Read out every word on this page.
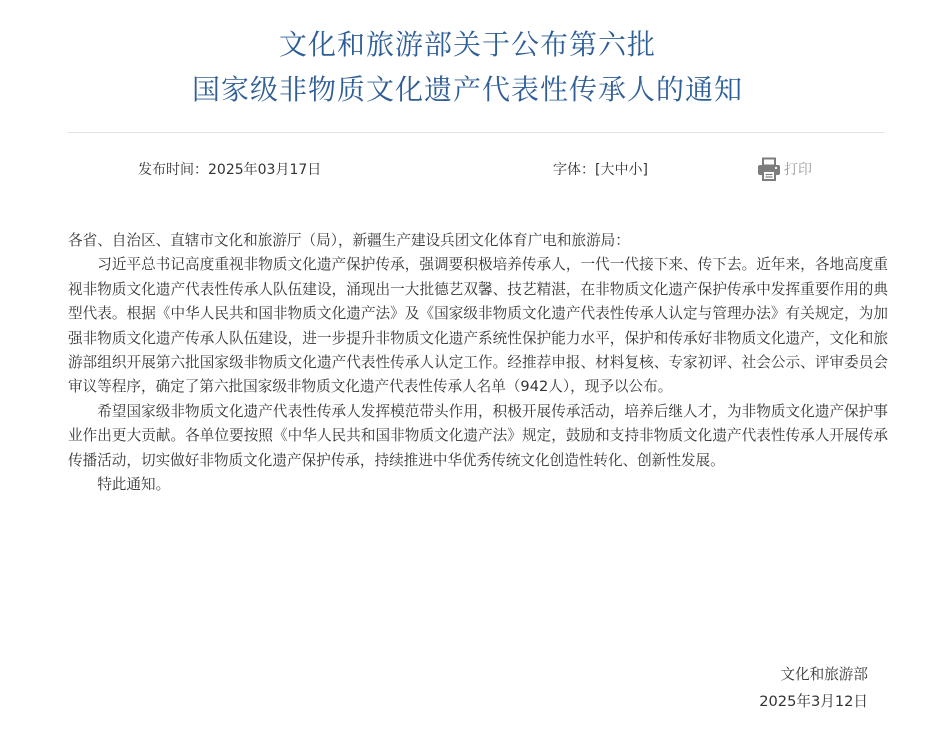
文化和旅游部关于公布第六批
国家级非物质文化遗产代表性传承人的通知
发布时间：2025年03月17日	字体：[大中小]	打印

各省、自治区、直辖市文化和旅游厅（局），新疆生产建设兵团文化体育广电和旅游局：

习近平总书记高度重视非物质文化遗产保护传承，强调要积极培养传承人，一代一代接下来、传下去。近年来，各地高度重视非物质文化遗产代表性传承人队伍建设，涌现出一大批德艺双馨、技艺精湛，在非物质文化遗产保护传承中发挥重要作用的典型代表。根据《中华人民共和国非物质文化遗产法》及《国家级非物质文化遗产代表性传承人认定与管理办法》有关规定，为加强非物质文化遗产传承人队伍建设，进一步提升非物质文化遗产系统性保护能力水平，保护和传承好非物质文化遗产，文化和旅游部组织开展第六批国家级非物质文化遗产代表性传承人认定工作。经推荐申报、材料复核、专家初评、社会公示、评审委员会审议等程序，确定了第六批国家级非物质文化遗产代表性传承人名单（942人），现予以公布。

希望国家级非物质文化遗产代表性传承人发挥模范带头作用，积极开展传承活动，培养后继人才，为非物质文化遗产保护事业作出更大贡献。各单位要按照《中华人民共和国非物质文化遗产法》规定，鼓励和支持非物质文化遗产代表性传承人开展传承传播活动，切实做好非物质文化遗产保护传承，持续推进中华优秀传统文化创造性转化、创新性发展。

特此通知。

文化和旅游部
2025年3月12日
